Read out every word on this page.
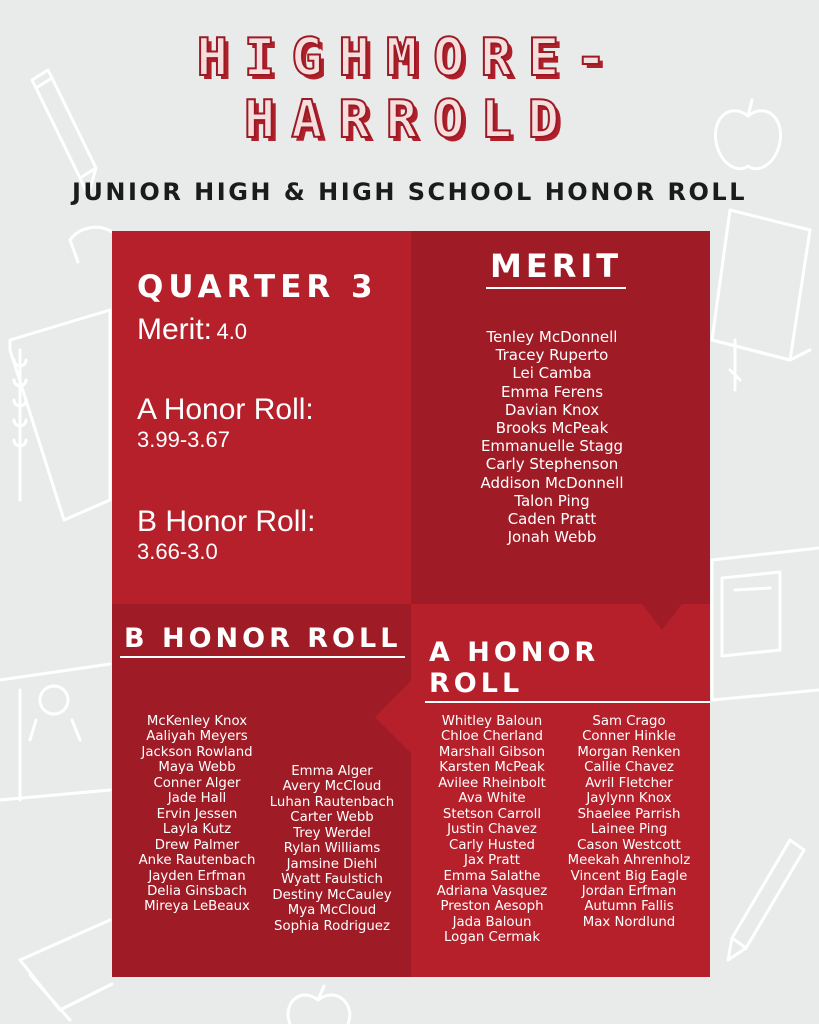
HIGHMORE-
HARROLD
JUNIOR HIGH & HIGH SCHOOL HONOR ROLL
QUARTER 3
Merit: 4.0
A Honor Roll:
3.99-3.67
B Honor Roll:
3.66-3.0
MERIT
Tenley McDonnell
Tracey Ruperto
Lei Camba
Emma Ferens
Davian Knox
Brooks McPeak
Emmanuelle Stagg
Carly Stephenson
Addison McDonnell
Talon Ping
Caden Pratt
Jonah Webb
B HONOR ROLL
McKenley Knox
Aaliyah Meyers
Jackson Rowland
Maya Webb
Conner Alger
Jade Hall
Ervin Jessen
Layla Kutz
Drew Palmer
Anke Rautenbach
Jayden Erfman
Delia Ginsbach
Mireya LeBeaux
Emma Alger
Avery McCloud
Luhan Rautenbach
Carter Webb
Trey Werdel
Rylan Williams
Jamsine Diehl
Wyatt Faulstich
Destiny McCauley
Mya McCloud
Sophia Rodriguez
A HONOR ROLL
Whitley Baloun
Chloe Cherland
Marshall Gibson
Karsten McPeak
Avilee Rheinbolt
Ava White
Stetson Carroll
Justin Chavez
Carly Husted
Jax Pratt
Emma Salathe
Adriana Vasquez
Preston Aesoph
Jada Baloun
Logan Cermak
Sam Crago
Conner Hinkle
Morgan Renken
Callie Chavez
Avril Fletcher
Jaylynn Knox
Shaelee Parrish
Lainee Ping
Cason Westcott
Meekah Ahrenholz
Vincent Big Eagle
Jordan Erfman
Autumn Fallis
Max Nordlund
